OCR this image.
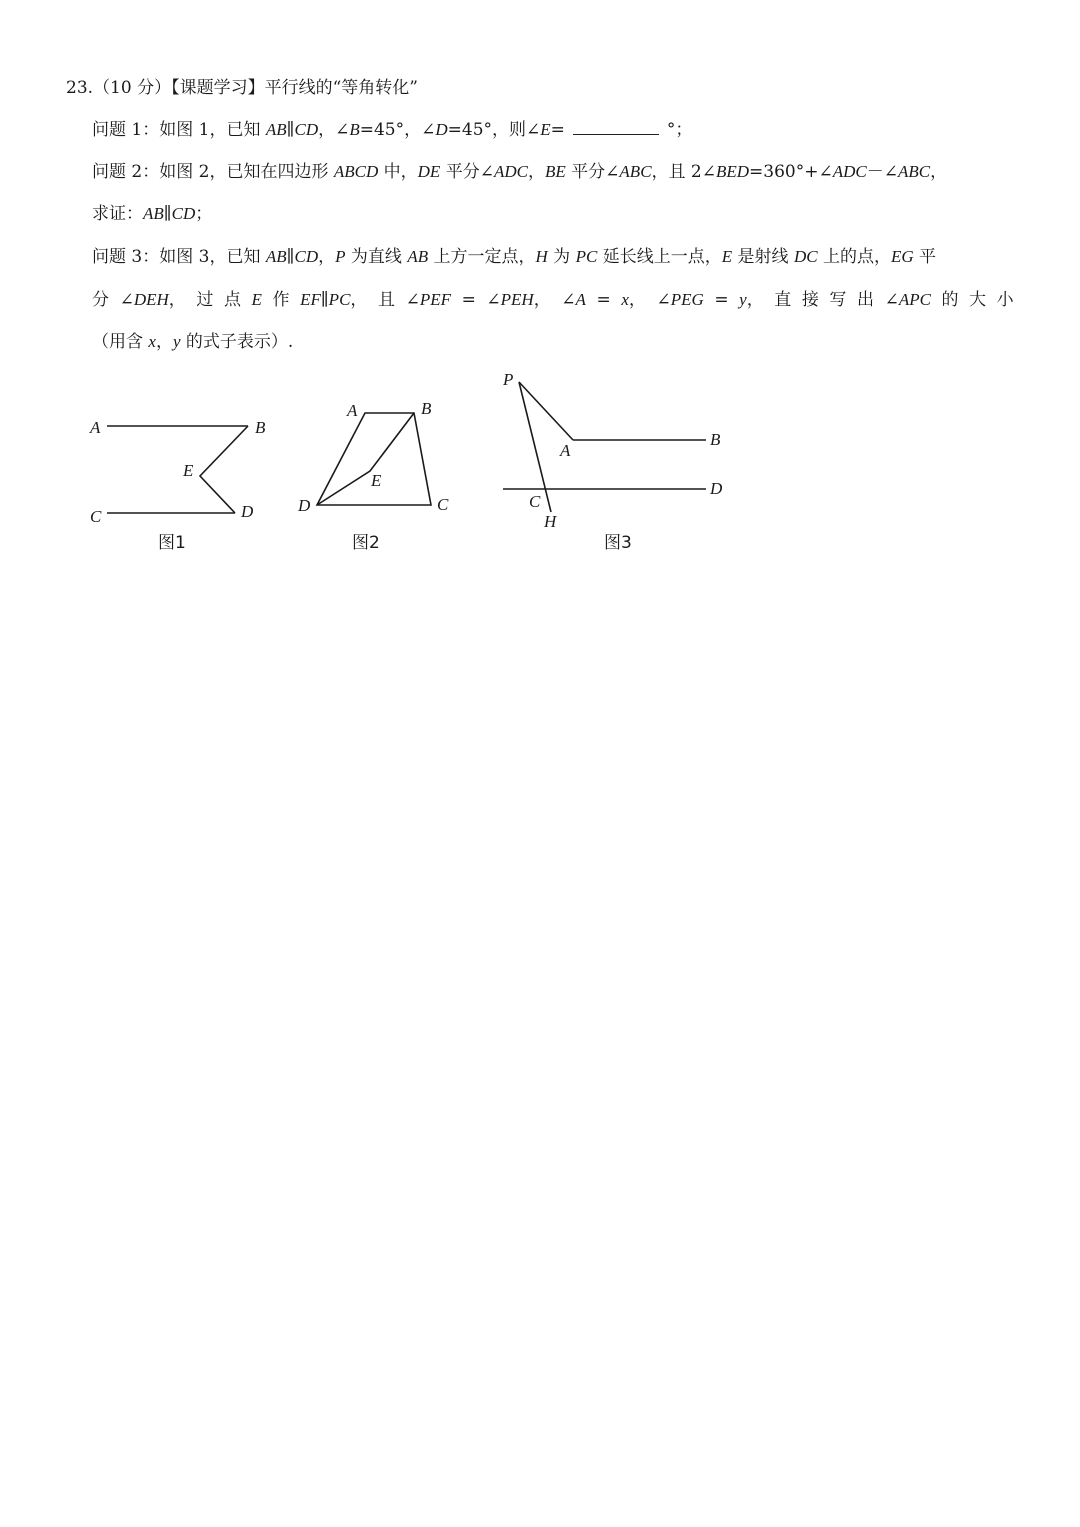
23.（10 分）【课题学习】平行线的“等角转化”
问题 1：如图 1，已知 AB∥CD，∠B=45°，∠D=45°，则∠E=	°；
问题 2：如图 2，已知在四边形 ABCD 中，DE 平分∠ADC，BE 平分∠ABC，且 2∠BED=360°+∠ADC－∠ABC，
求证：AB∥CD；
问题 3：如图 3，已知 AB∥CD，P 为直线 AB 上方一定点，H 为 PC 延长线上一点，E 是射线 DC 上的点，EG 平
分 ∠DEH， 过 点 E 作 EF∥PC， 且 ∠PEF = ∠PEH， ∠A = x， ∠PEG = y， 直 接 写 出 ∠APC 的 大 小
（用含 x，y 的式子表示）.
A	B
E
C	D
图1
A	B
E
D	C
图2
P
A
B
C
D
H
图3
